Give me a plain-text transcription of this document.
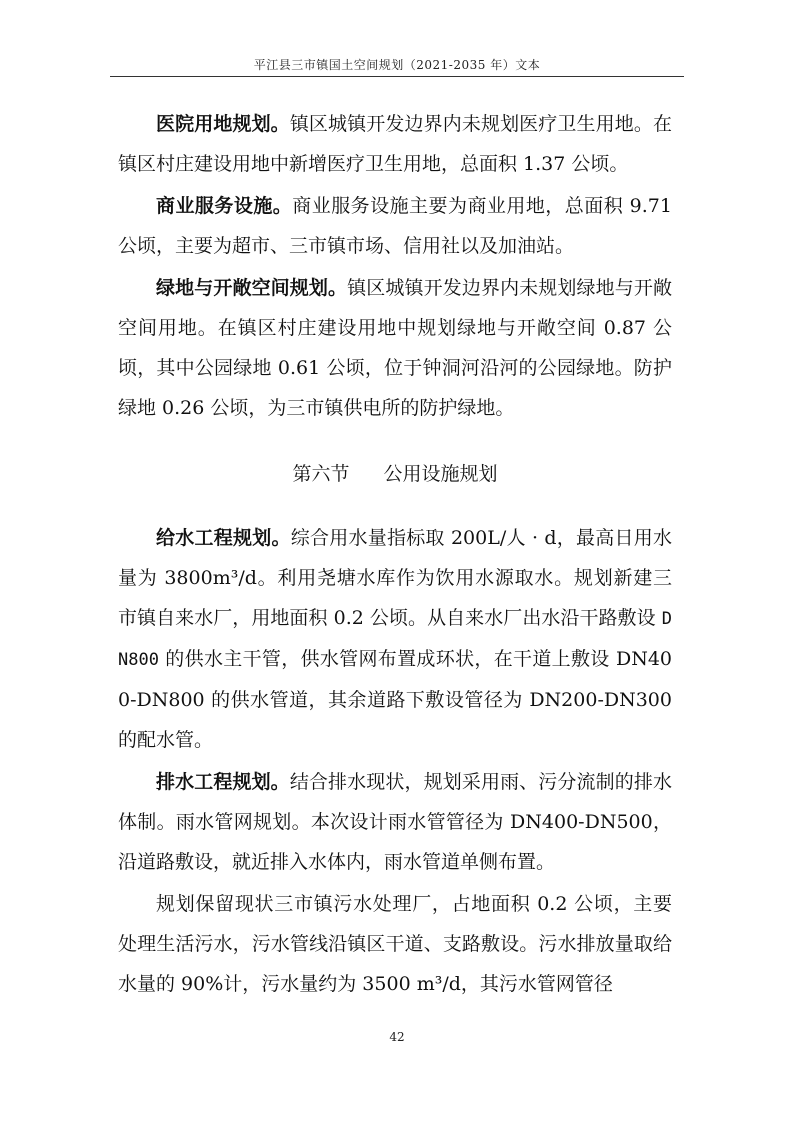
平江县三市镇国土空间规划（2021-2035 年）文本

医院用地规划。镇区城镇开发边界内未规划医疗卫生用地。在镇区村庄建设用地中新增医疗卫生用地，总面积 1.37 公顷。

商业服务设施。商业服务设施主要为商业用地，总面积 9.71 公顷，主要为超市、三市镇市场、信用社以及加油站。

绿地与开敞空间规划。镇区城镇开发边界内未规划绿地与开敞空间用地。在镇区村庄建设用地中规划绿地与开敞空间 0.87 公顷，其中公园绿地 0.61 公顷，位于钟洞河沿河的公园绿地。防护绿地 0.26 公顷，为三市镇供电所的防护绿地。

第六节 公用设施规划

给水工程规划。综合用水量指标取 200L/人 · d，最高日用水量为 3800m³/d。利用尧塘水库作为饮用水源取水。规划新建三市镇自来水厂，用地面积 0.2 公顷。从自来水厂出水沿干路敷设 DN800 的供水主干管，供水管网布置成环状，在干道上敷设 DN400-DN800 的供水管道，其余道路下敷设管径为 DN200-DN300 的配水管。

排水工程规划。结合排水现状，规划采用雨、污分流制的排水体制。雨水管网规划。本次设计雨水管管径为 DN400-DN500，沿道路敷设，就近排入水体内，雨水管道单侧布置。

规划保留现状三市镇污水处理厂，占地面积 0.2 公顷，主要处理生活污水，污水管线沿镇区干道、支路敷设。污水排放量取给水量的 90%计，污水量约为 3500 m³/d，其污水管网管径

42
